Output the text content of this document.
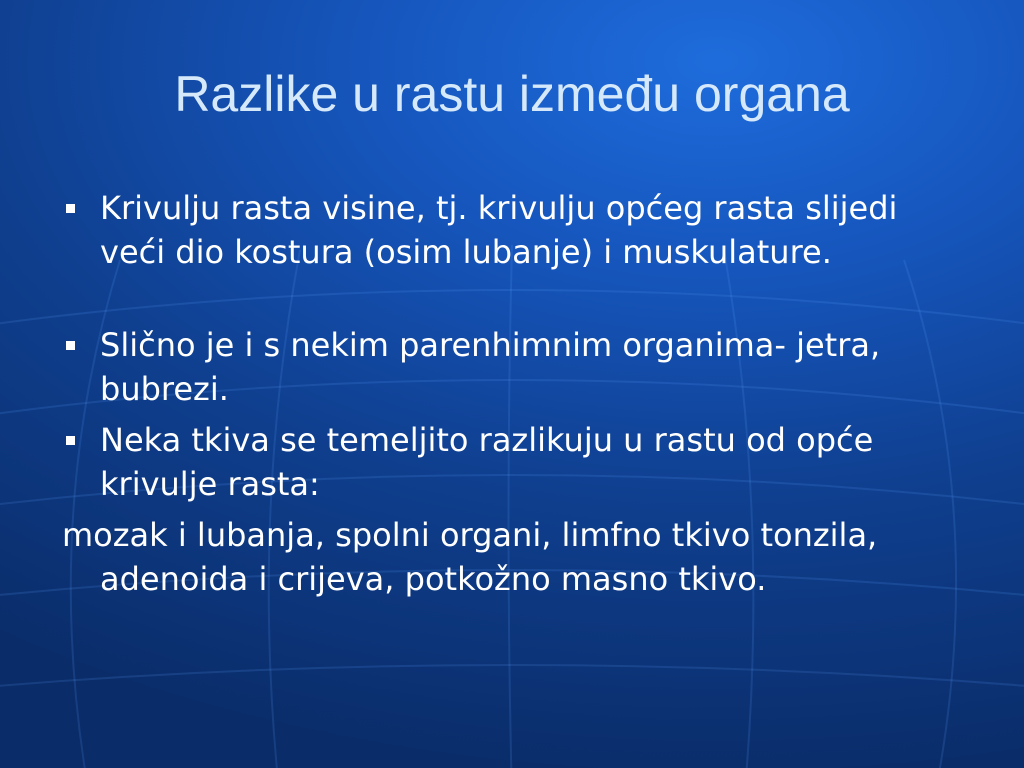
Razlike u rastu između organa
Krivulju rasta visine, tj. krivulju općeg rasta slijedi veći dio kostura (osim lubanje) i muskulature.
Slično je i s nekim parenhimnim organima- jetra, bubrezi.
Neka tkiva se temeljito razlikuju u rastu od opće krivulje rasta:
mozak i lubanja, spolni organi, limfno tkivo tonzila, adenoida i crijeva, potkožno masno tkivo.
